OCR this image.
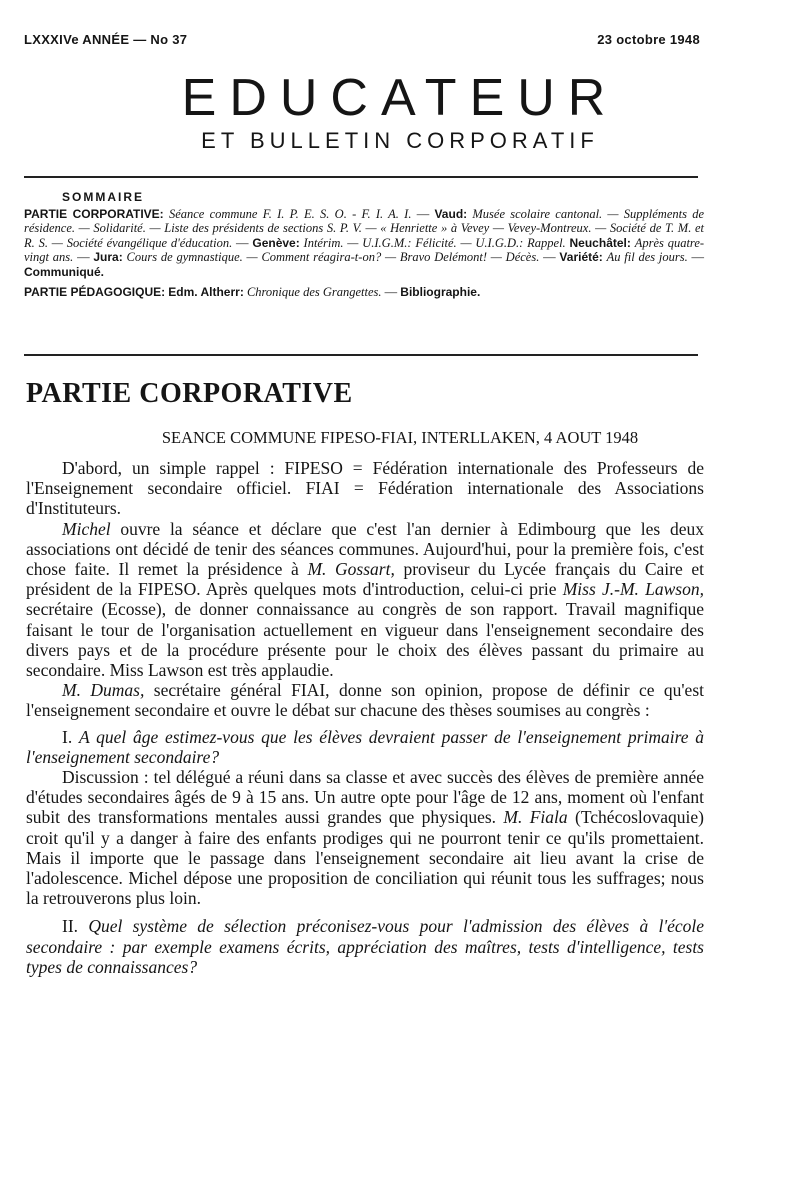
LXXXIVe ANNÉE — No 37	23 octobre 1948
EDUCATEUR
ET BULLETIN CORPORATIF
SOMMAIRE

PARTIE CORPORATIVE: Séance commune F. I. P. E. S. O. - F. I. A. I. — Vaud: Musée scolaire cantonal. — Suppléments de résidence. — Solidarité. — Liste des présidents de sections S. P. V. — « Henriette » à Vevey — Vevey-Montreux. — Société de T. M. et R. S. — Société évangélique d'éducation. — Genève: Intérim. — U.I.G.M.: Félicité. — U.I.G.D.: Rappel. Neuchâtel: Après quatre-vingt ans. — Jura: Cours de gymnastique. — Comment réagira-t-on? — Bravo Delémont! — Décès. — Variété: Au fil des jours. — Communiqué.

PARTIE PÉDAGOGIQUE: Edm. Altherr: Chronique des Grangettes. — Bibliographie.

PARTIE CORPORATIVE
SEANCE COMMUNE FIPESO-FIAI, INTERLLAKEN, 4 AOUT 1948

D'abord, un simple rappel : FIPESO = Fédération internationale des Professeurs de l'Enseignement secondaire officiel. FIAI = Fédération internationale des Associations d'Instituteurs.

Michel ouvre la séance et déclare que c'est l'an dernier à Edimbourg que les deux associations ont décidé de tenir des séances communes. Aujourd'hui, pour la première fois, c'est chose faite. Il remet la présidence à M. Gossart, proviseur du Lycée français du Caire et président de la FIPESO. Après quelques mots d'introduction, celui-ci prie Miss J.-M. Lawson, secrétaire (Ecosse), de donner connaissance au congrès de son rapport. Travail magnifique faisant le tour de l'organisation actuellement en vigueur dans l'enseignement secondaire des divers pays et de la procédure présente pour le choix des élèves passant du primaire au secondaire. Miss Lawson est très applaudie.

M. Dumas, secrétaire général FIAI, donne son opinion, propose de définir ce qu'est l'enseignement secondaire et ouvre le débat sur chacune des thèses soumises au congrès :

I. A quel âge estimez-vous que les élèves devraient passer de l'enseignement primaire à l'enseignement secondaire?

Discussion : tel délégué a réuni dans sa classe et avec succès des élèves de première année d'études secondaires âgés de 9 à 15 ans. Un autre opte pour l'âge de 12 ans, moment où l'enfant subit des transformations mentales aussi grandes que physiques. M. Fiala (Tchécoslovaquie) croit qu'il y a danger à faire des enfants prodiges qui ne pourront tenir ce qu'ils promettaient. Mais il importe que le passage dans l'enseignement secondaire ait lieu avant la crise de l'adolescence. Michel dépose une proposition de conciliation qui réunit tous les suffrages; nous la retrouverons plus loin.

II. Quel système de sélection préconisez-vous pour l'admission des élèves à l'école secondaire : par exemple examens écrits, appréciation des maîtres, tests d'intelligence, tests types de connaissances?
